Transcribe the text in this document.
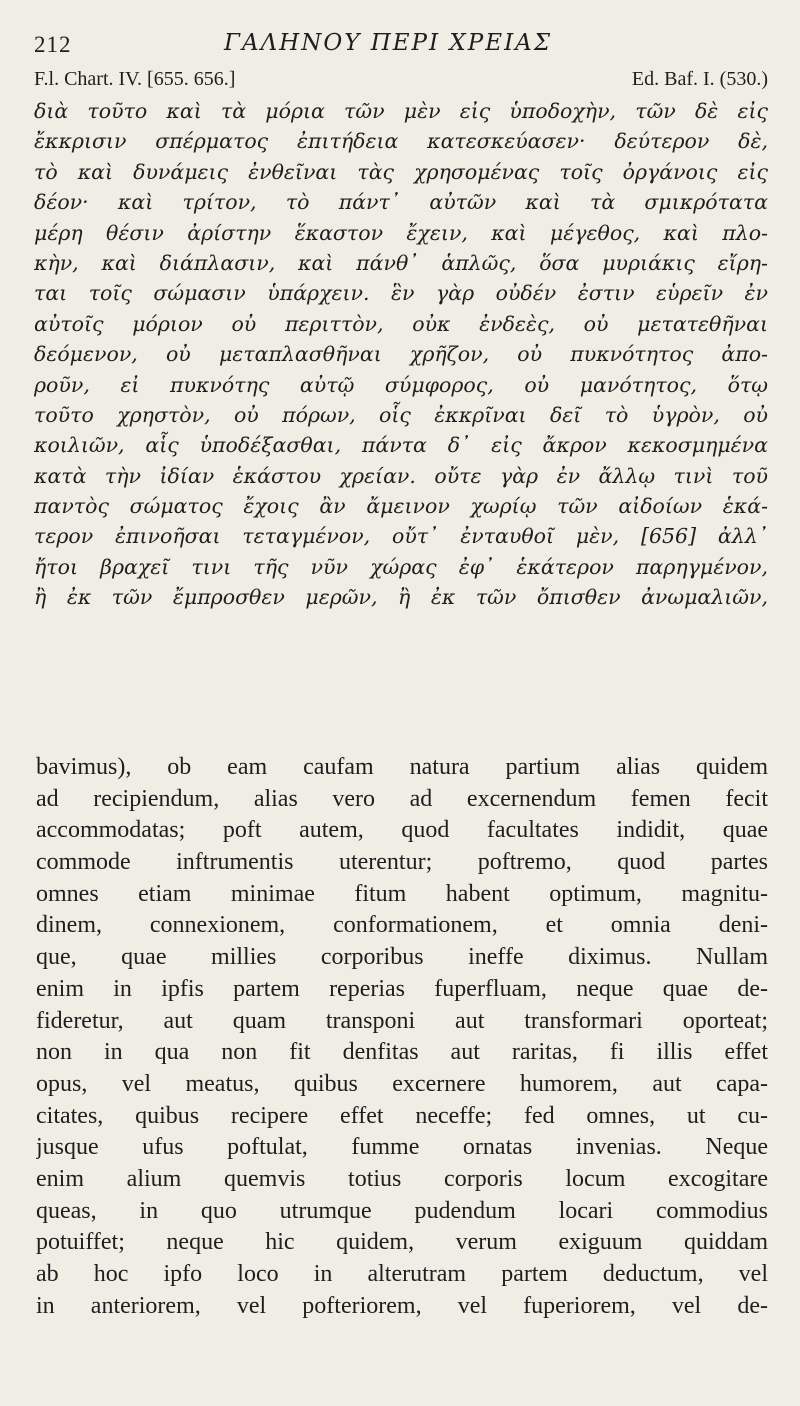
212	ΓΑΛΗΝΟΥ ΠΕΡΙ ΧΡΕΙΑΣ
F.l. Chart. IV. [655. 656.]	Ed. Baf. I. (530.)
διὰ τοῦτο καὶ τὰ μόρια τῶν μὲν εἰς ὑποδοχὴν, τῶν δὲ εἰς
ἔκκρισιν σπέρματος ἐπιτήδεια κατεσκεύασεν· δεύτερον δὲ,
τὸ καὶ δυνάμεις ἐνθεῖναι τὰς χρησομένας τοῖς ὀργάνοις εἰς
δέον· καὶ τρίτον, τὸ πάντ᾽ αὐτῶν καὶ τὰ σμικρότατα
μέρη θέσιν ἀρίστην ἕκαστον ἔχειν, καὶ μέγεθος, καὶ πλο-
κὴν, καὶ διάπλασιν, καὶ πάνθ᾽ ἁπλῶς, ὅσα μυριάκις εἴρη-
ται τοῖς σώμασιν ὑπάρχειν. ἓν γὰρ οὐδέν ἐστιν εὑρεῖν ἐν
αὐτοῖς μόριον οὐ περιττὸν, οὐκ ἐνδεὲς, οὐ μετατεθῆναι
δεόμενον, οὐ μεταπλασθῆναι χρῆζον, οὐ πυκνότητος ἀπο-
ροῦν, εἰ πυκνότης αὐτῷ σύμφορος, οὐ μανότητος, ὅτῳ
τοῦτο χρηστὸν, οὐ πόρων, οἷς ἐκκρῖναι δεῖ τὸ ὑγρὸν, οὐ
κοιλιῶν, αἷς ὑποδέξασθαι, πάντα δ᾽ εἰς ἄκρον κεκοσμημένα
κατὰ τὴν ἰδίαν ἑκάστου χρείαν. οὔτε γὰρ ἐν ἄλλῳ τινὶ τοῦ
παντὸς σώματος ἔχοις ἂν ἄμεινον χωρίῳ τῶν αἰδοίων ἑκά-
τερον ἐπινοῆσαι τεταγμένον, οὔτ᾽ ἐνταυθοῖ μὲν, [656] ἀλλ᾽
ἤτοι βραχεῖ τινι τῆς νῦν χώρας ἐφ᾽ ἑκάτερον παρηγμένον,
ἢ ἐκ τῶν ἔμπροσθεν μερῶν, ἢ ἐκ τῶν ὄπισθεν ἀνωμαλιῶν,
bavimus), ob eam caufam natura partium alias quidem
ad recipiendum, alias vero ad excernendum femen fecit
accommodatas; poft autem, quod facultates indidit, quae
commode inftrumentis uterentur; poftremo, quod partes
omnes etiam minimae fitum habent optimum, magnitu-
dinem, connexionem, conformationem, et omnia deni-
que, quae millies corporibus ineffe diximus. Nullam
enim in ipfis partem reperias fuperfluam, neque quae de-
fideretur, aut quam transponi aut transformari oporteat;
non in qua non fit denfitas aut raritas, fi illis effet
opus, vel meatus, quibus excernere humorem, aut capa-
citates, quibus recipere effet neceffe; fed omnes, ut cu-
jusque ufus poftulat, fumme ornatas invenias. Neque
enim alium quemvis totius corporis locum excogitare
queas, in quo utrumque pudendum locari commodius
potuiffet; neque hic quidem, verum exiguum quiddam
ab hoc ipfo loco in alterutram partem deductum, vel
in anteriorem, vel pofteriorem, vel fuperiorem, vel de-
